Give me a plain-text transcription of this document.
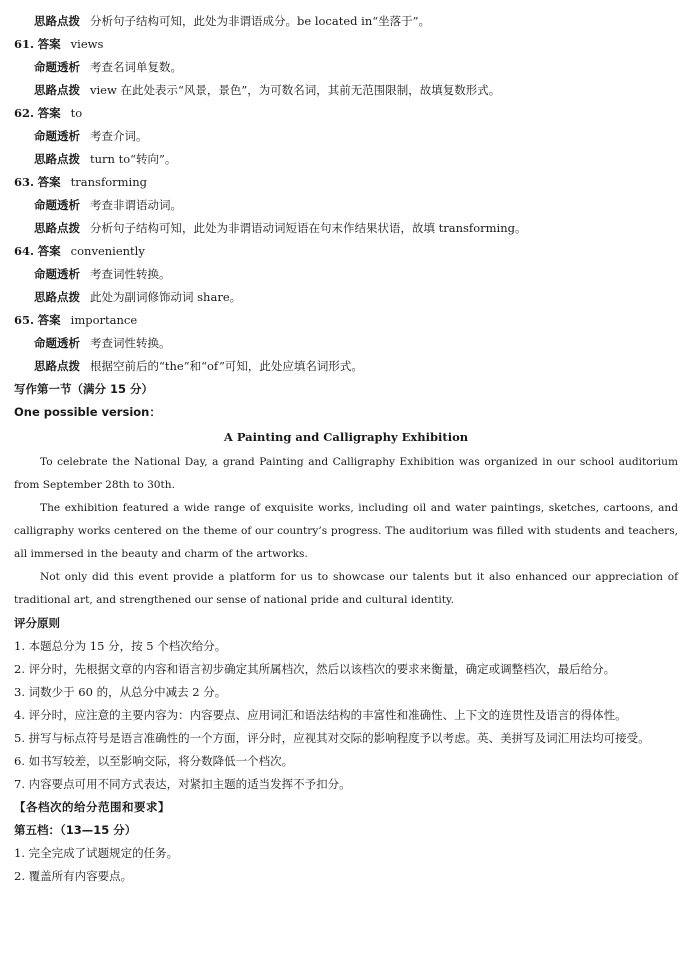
思路点拨 分析句子结构可知，此处为非谓语成分。be located in“坐落于”。
61. 答案 views
命题透析 考查名词单复数。
思路点拨 view 在此处表示“风景，景色”，为可数名词，其前无范围限制，故填复数形式。
62. 答案 to
命题透析 考查介词。
思路点拨 turn to“转向”。
63. 答案 transforming
命题透析 考查非谓语动词。
思路点拨 分析句子结构可知，此处为非谓语动词短语在句末作结果状语，故填 transforming。
64. 答案 conveniently
命题透析 考查词性转换。
思路点拨 此处为副词修饰动词 share。
65. 答案 importance
命题透析 考查词性转换。
思路点拨 根据空前后的“the”和“of”可知，此处应填名词形式。
写作第一节（满分 15 分）
One possible version：
A Painting and Calligraphy Exhibition
To celebrate the National Day, a grand Painting and Calligraphy Exhibition was organized in our school auditorium from September 28th to 30th.
The exhibition featured a wide range of exquisite works, including oil and water paintings, sketches, cartoons, and calligraphy works centered on the theme of our country’s progress. The auditorium was filled with students and teachers, all immersed in the beauty and charm of the artworks.
Not only did this event provide a platform for us to showcase our talents but it also enhanced our appreciation of traditional art, and strengthened our sense of national pride and cultural identity.
评分原则
1. 本题总分为 15 分，按 5 个档次给分。
2. 评分时，先根据文章的内容和语言初步确定其所属档次，然后以该档次的要求来衡量，确定或调整档次，最后给分。
3. 词数少于 60 的，从总分中减去 2 分。
4. 评分时，应注意的主要内容为：内容要点、应用词汇和语法结构的丰富性和准确性、上下文的连贯性及语言的得体性。
5. 拼写与标点符号是语言准确性的一个方面，评分时，应视其对交际的影响程度予以考虑。英、美拼写及词汇用法均可接受。
6. 如书写较差，以至影响交际，将分数降低一个档次。
7. 内容要点可用不同方式表达，对紧扣主题的适当发挥不予扣分。
【各档次的给分范围和要求】
第五档：（13—15 分）
1. 完全完成了试题规定的任务。
2. 覆盖所有内容要点。
